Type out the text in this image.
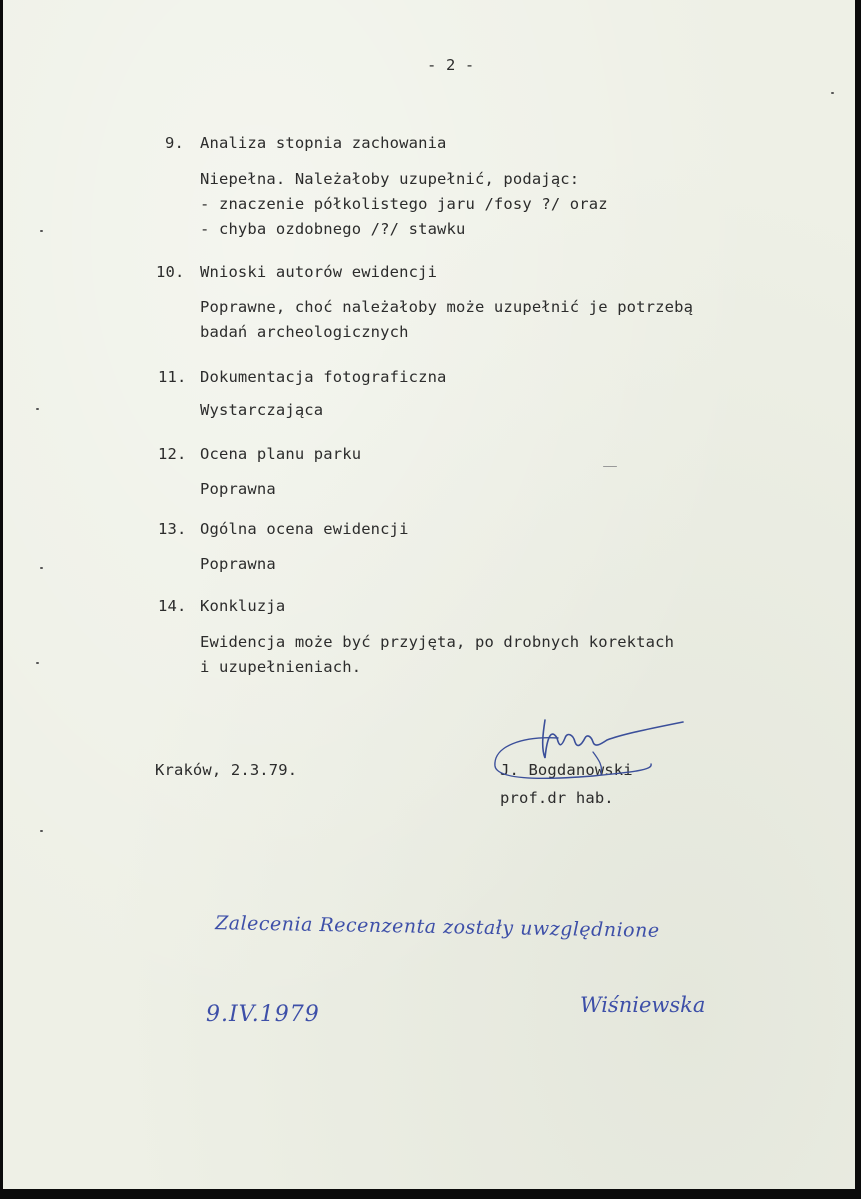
- 2 -
9. Analiza stopnia zachowania
Niepełna. Należałoby uzupełnić, podając:
- znaczenie półkolistego jaru /fosy ?/ oraz
- chyba ozdobnego /?/ stawku
10. Wnioski autorów ewidencji
Poprawne, choć należałoby może uzupełnić je potrzebą
badań archeologicznych
11. Dokumentacja fotograficzna
Wystarczająca
12. Ocena planu parku
Poprawna
13. Ogólna ocena ewidencji
Poprawna
14. Konkluzja
Ewidencja może być przyjęta, po drobnych korektach
i uzupełnieniach.
Kraków, 2.3.79.	J. Bogdanowski
prof.dr hab.
Zalecenia Recenzenta zostały uwzględnione
9.IV.1979	Wiśniewska
